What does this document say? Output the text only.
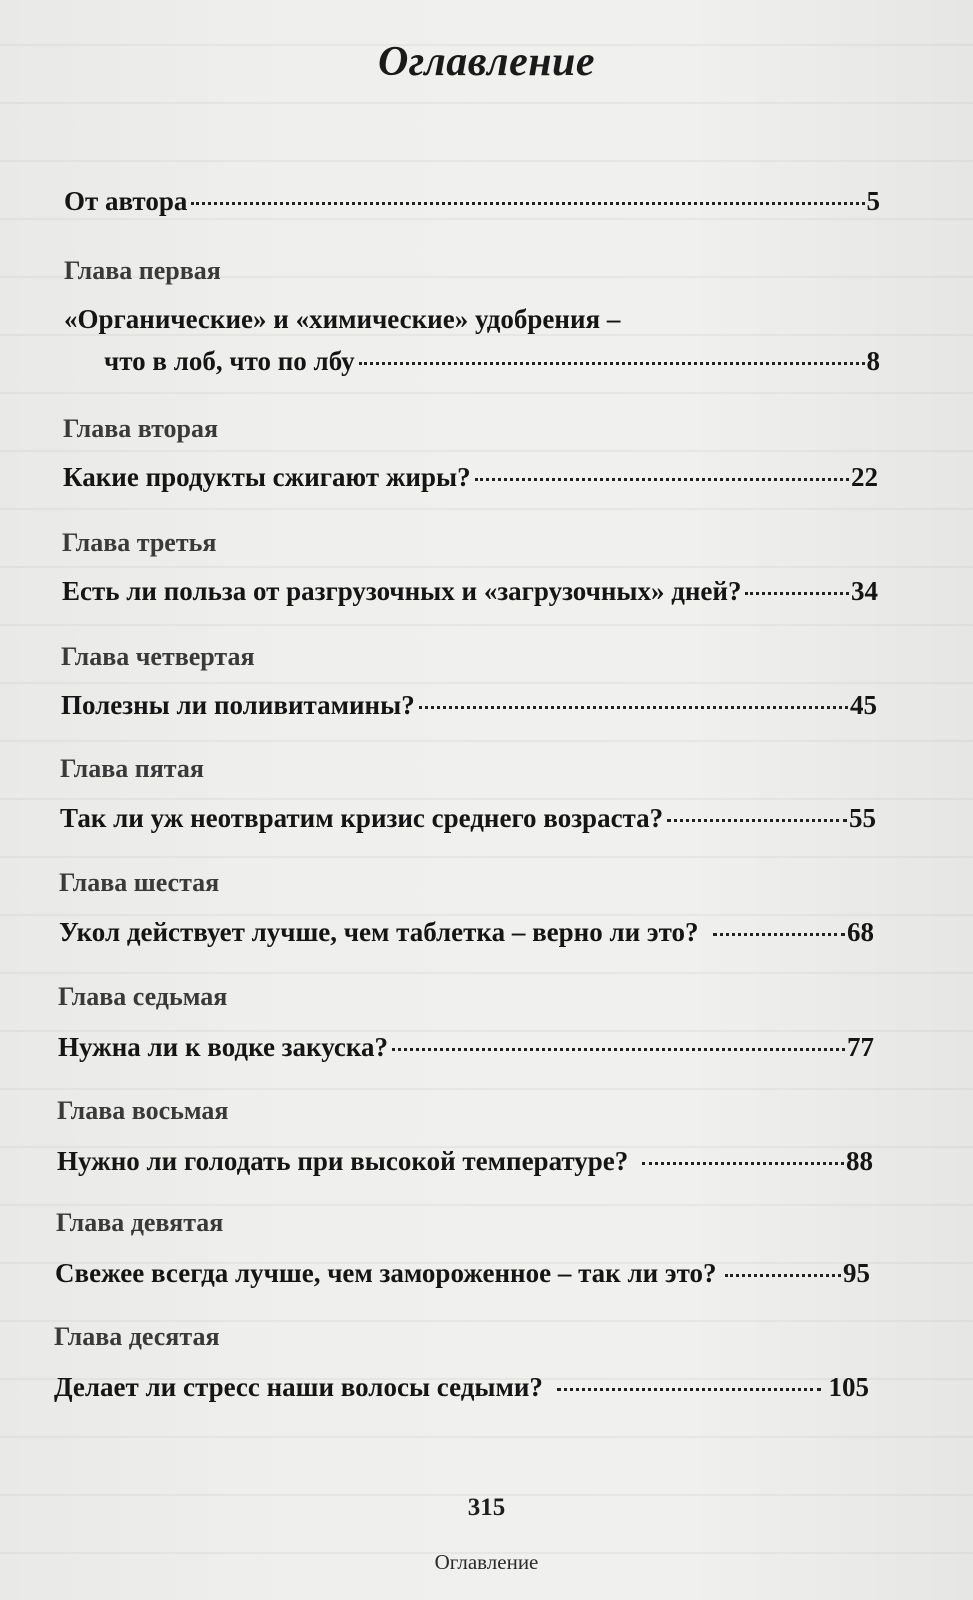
Оглавление
От автора	5
Глава первая
«Органические» и «химические» удобрения –
что в лоб, что по лбу	8
Глава вторая
Какие продукты сжигают жиры?	22
Глава третья
Есть ли польза от разгрузочных и «загрузочных» дней?	34
Глава четвертая
Полезны ли поливитамины?	45
Глава пятая
Так ли уж неотвратим кризис среднего возраста?	55
Глава шестая
Укол действует лучше, чем таблетка – верно ли это?	68
Глава седьмая
Нужна ли к водке закуска?	77
Глава восьмая
Нужно ли голодать при высокой температуре?	88
Глава девятая
Свежее всегда лучше, чем замороженное – так ли это?	95
Глава десятая
Делает ли стресс наши волосы седыми?	105
315
Оглавление
